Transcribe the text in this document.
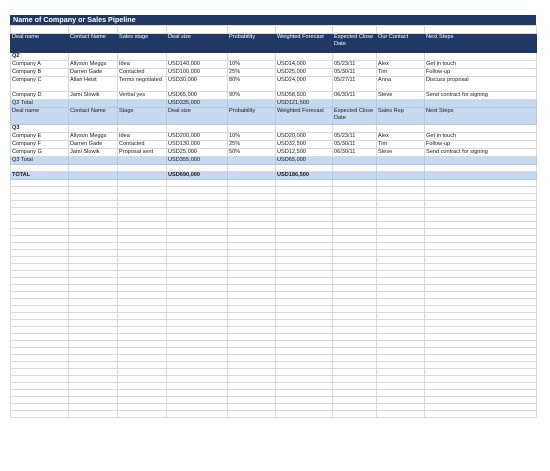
Name of Company or Sales Pipeline

Deal name	Contact Name	Sales stage	Deal size	Probability	Weighted Forecast	Expected Close Date	Our Contact	Next Steps
Q2								
Company A	Allyson Meggs	Idea	USD140,000	10%	USD14,000	05/23/11	Alex	Get in touch
Company B	Darren Gade	Contacted	USD100,000	25%	USD25,000	05/30/11	Tim	Follow-up
Company C	Allan Heist	Terms negotiated	USD30,000	80%	USD24,000	05/27/11	Anna	Discuss proposal
Company D	Jami Slowik	Verbal yes	USD65,000	90%	USD58,500	06/30/11	Steve	Send contract for signing
Q2 Total			USD335,000		USD121,500			
Deal name	Contact Name	Stage	Deal size	Probability	Weighted Forecast	Expected Close Date	Sales Rep	Next Steps
Q3								
Company E	Allyson Meggs	Idea	USD200,000	10%	USD20,000	05/23/11	Alex	Get in touch
Company F	Darren Gade	Contacted	USD130,000	25%	USD32,500	05/30/11	Tim	Follow-up
Company G	Jami Slowik	Proposal sent	USD25,000	50%	USD12,500	06/30/11	Steve	Send contract for signing
Q3 Total			USD355,000		USD65,000			

TOTAL			USD690,000		USD186,500			
